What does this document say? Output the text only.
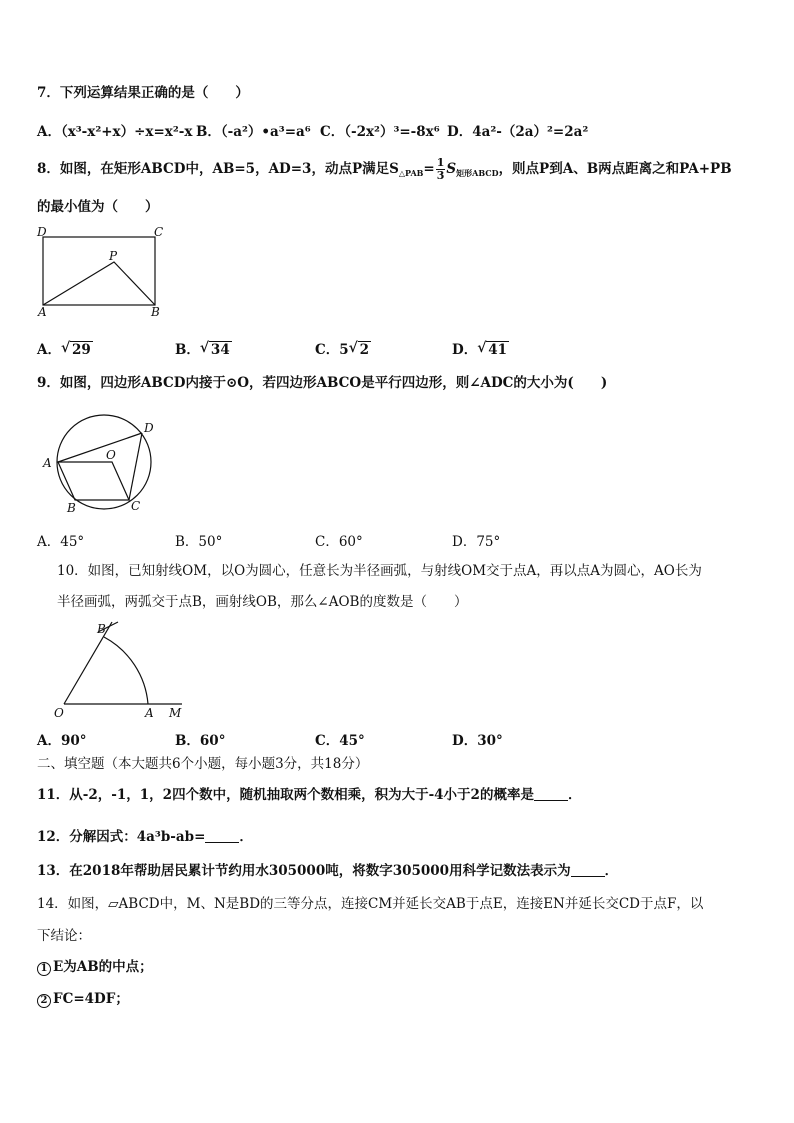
7．下列运算结果正确的是（　　）
A．（x³-x²+x）÷x=x²-x B．（-a²）•a³=a⁶ C．（-2x²）³=-8x⁶ D．4a²-（2a）²=2a²
8．如图，在矩形ABCD中，AB=5，AD=3，动点P满足$S_{\triangle PAB}= \frac{1}{3} S_{矩形ABCD}$，则点P到A、B两点距离之和PA+PB
的最小值为（　　）
D	C
P
A	B
A． √ 29	B． √ 34	C．5 √ 2	D． √ 41
9．如图，四边形ABCD内接于⊙O，若四边形ABCO是平行四边形，则∠ADC的大小为(　　)
A
D
O
B	C
A．45°	B．50°	C．60°	D．75°
10．如图，已知射线OM，以O为圆心，任意长为半径画弧，与射线OM交于点A，再以点A为圆心，AO长为
半径画弧，两弧交于点B，画射线OB，那么∠AOB的度数是（　　）
B
O	A M
A．90°	B．60°	C．45°	D．30°
二、填空题（本大题共6个小题，每小题3分，共18分）
11．从-2，-1，1，2四个数中，随机抽取两个数相乘，积为大于-4小于2的概率是	．
12．分解因式：4a³b-ab=	．
13．在2018年帮助居民累计节约用水305000吨，将数字305000用科学记数法表示为	．
14．如图，▱ABCD中，M、N是BD的三等分点，连接CM并延长交AB于点E，连接EN并延长交CD于点F，以
下结论：
1 E为AB的中点；
2 FC=4DF；
